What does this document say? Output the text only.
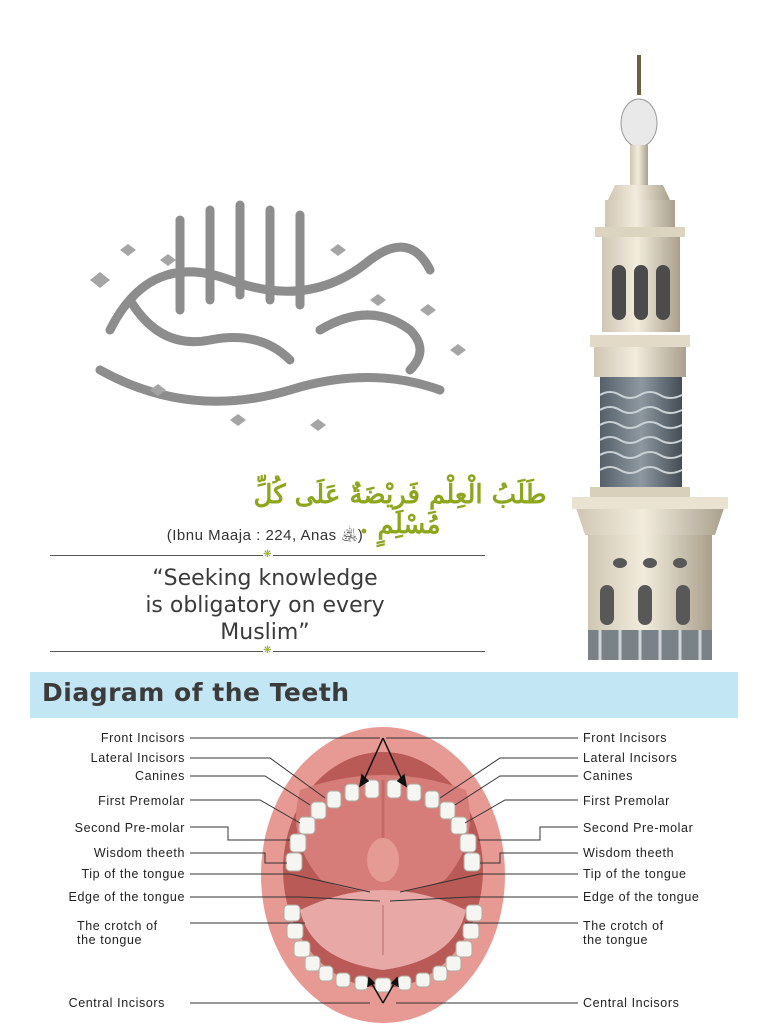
طَلَبُ الْعِلْمِ فَرِيْضَةٌ عَلَى كُلِّ مُسْلِمٍ .
(Ibnu Maaja : 224, Anas ﵁)
❋
“Seeking knowledge
is obligatory on every
Muslim”
❋
Diagram of the Teeth
Front Incisors
Lateral Incisors
Canines
First Premolar
Second Pre-molar
Wisdom theeth
Tip of the tongue
Edge of the tongue
The crotch of
the tongue
Central Incisors
Front Incisors
Lateral Incisors
Canines
First Premolar
Second Pre-molar
Wisdom theeth
Tip of the tongue
Edge of the tongue
The crotch of
the tongue
Central Incisors
